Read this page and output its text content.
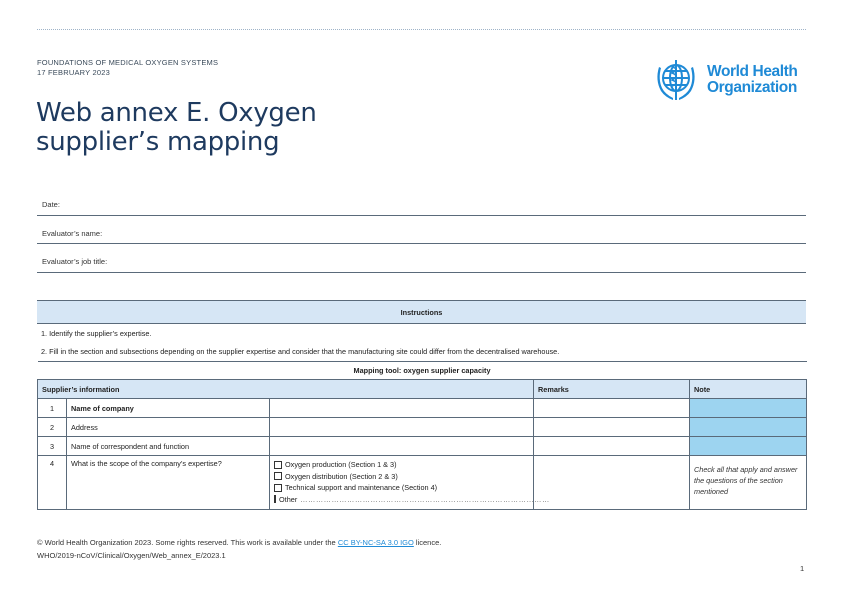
FOUNDATIONS OF MEDICAL OXYGEN SYSTEMS
17 FEBRUARY 2023
Web annex E. Oxygen
supplier’s mapping
World Health
Organization
Date:
Evaluator’s name:
Evaluator’s job title:
Instructions
1. Identify the supplier’s expertise.
2. Fill in the section and subsections depending on the supplier expertise and consider that the manufacturing site could differ from the decentralised warehouse.
Mapping tool: oxygen supplier capacity				
Supplier’s information			Remarks	Note
1	Name of company			
2	Address			
3	Name of correspondent and function			
4	What is the scope of the company’s expertise?	Oxygen production (Section 1 & 3)
Oxygen distribution (Section 2 & 3)
Technical support and maintenance (Section 4)
Other ……………………………………………………………………………………		Check all that apply and answer the questions of the section mentioned
© World Health Organization 2023. Some rights reserved. This work is available under the CC BY-NC-SA 3.0 IGO licence.
WHO/2019-nCoV/Clinical/Oxygen/Web_annex_E/2023.1
1
